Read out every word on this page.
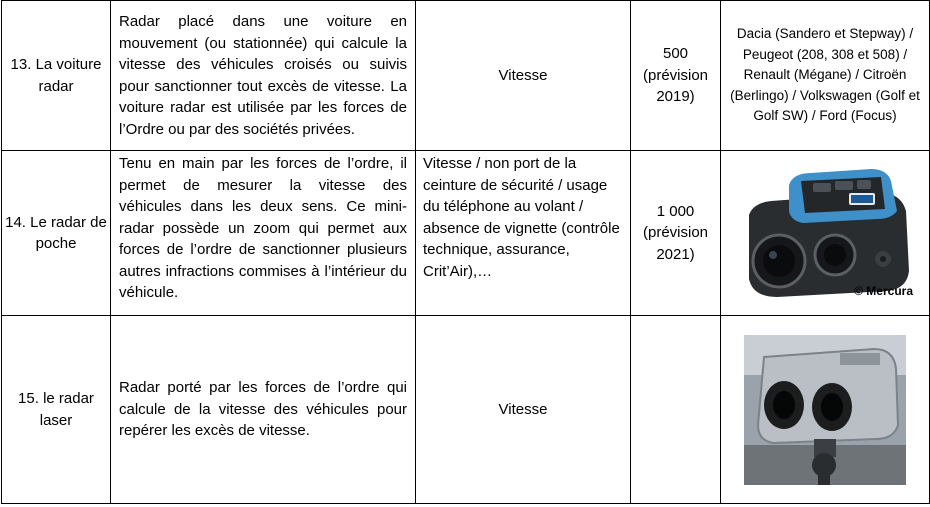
13. La voiture radar	Radar placé dans une voiture en mouvement (ou stationnée) qui calcule la vitesse des véhicules croisés ou suivis pour sanctionner tout excès de vitesse. La voiture radar est utilisée par les forces de l’Ordre ou par des sociétés privées.	Vitesse	500 (prévision 2019)	Dacia (Sandero et Stepway) / Peugeot (208, 308 et 508) / Renault (Mégane) / Citroën (Berlingo) / Volkswagen (Golf et Golf SW) / Ford (Focus)
14. Le radar de poche	Tenu en main par les forces de l’ordre, il permet de mesurer la vitesse des véhicules dans les deux sens. Ce mini-radar possède un zoom qui permet aux forces de l’ordre de sanctionner plusieurs autres infractions commises à l’intérieur du véhicule.	Vitesse / non port de la ceinture de sécurité / usage du téléphone au volant / absence de vignette (contrôle technique, assurance, Crit’Air),…	1 000 (prévision 2021)	© Mercura

15. le radar laser	Radar porté par les forces de l’ordre qui calcule de la vitesse des véhicules pour repérer les excès de vitesse.	Vitesse		
